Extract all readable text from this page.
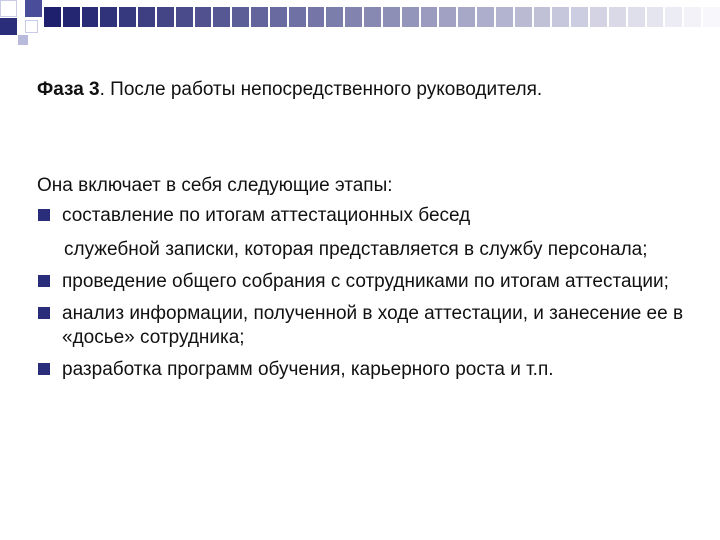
Фаза 3. После работы непосредственного руководителя.

Она включает в себя следующие этапы:

составление по итогам аттестационных бесед
служебной записки, которая представляется в службу персонала;
проведение общего собрания с сотрудниками по итогам аттестации;
анализ информации, полученной в ходе аттестации, и занесение ее в «досье» сотрудника;
разработка программ обучения, карьерного роста и т.п.
